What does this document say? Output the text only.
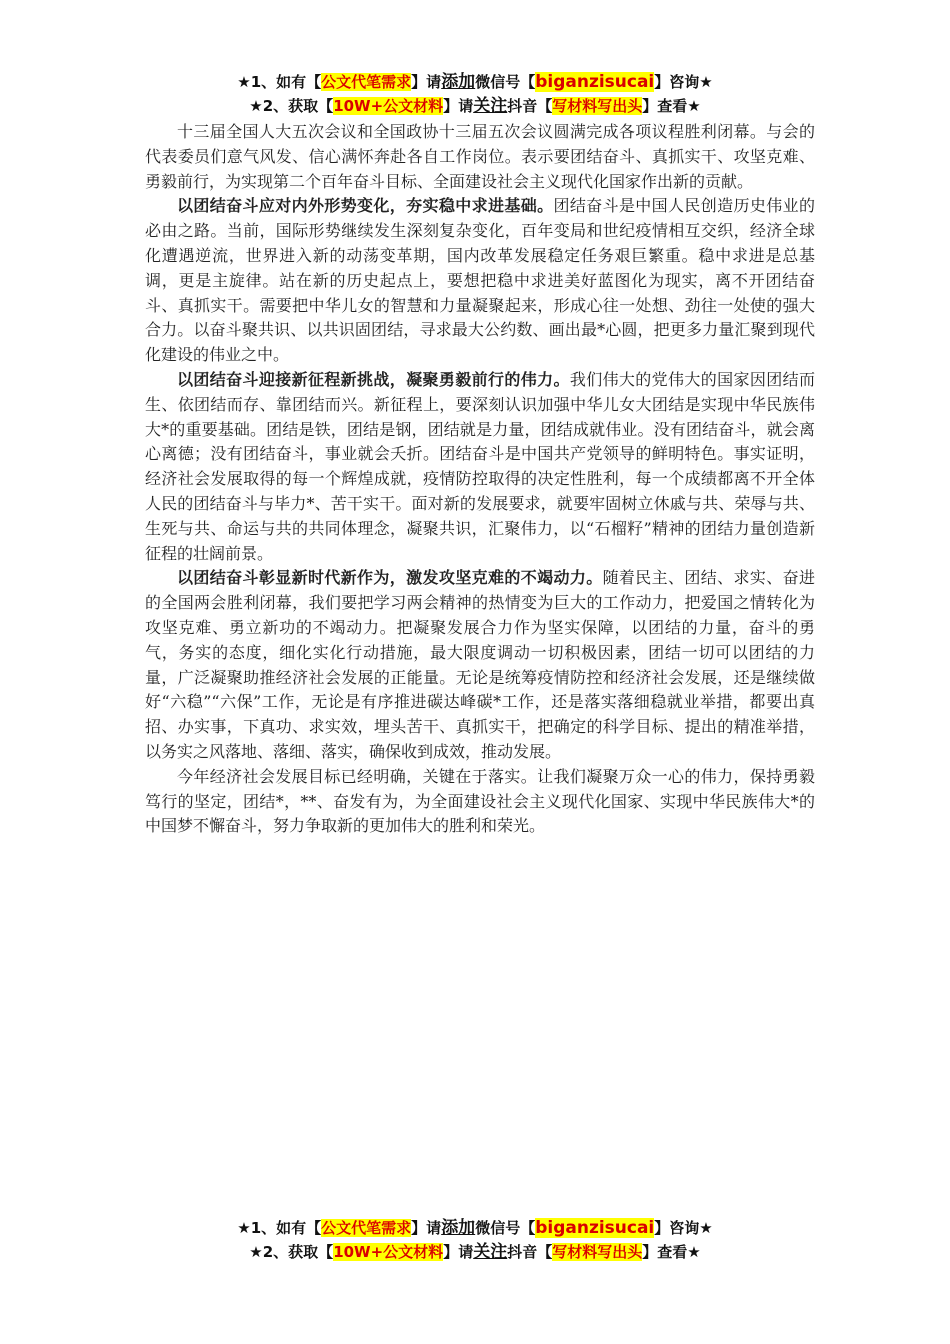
★1、如有【公文代笔需求】请添加微信号【biganzisucai】咨询★
★2、获取【10W+公文材料】请关注抖音【写材料写出头】查看★

十三届全国人大五次会议和全国政协十三届五次会议圆满完成各项议程胜利闭幕。与会的代表委员们意气风发、信心满怀奔赴各自工作岗位。表示要团结奋斗、真抓实干、攻坚克难、勇毅前行，为实现第二个百年奋斗目标、全面建设社会主义现代化国家作出新的贡献。

以团结奋斗应对内外形势变化，夯实稳中求进基础。团结奋斗是中国人民创造历史伟业的必由之路。当前，国际形势继续发生深刻复杂变化，百年变局和世纪疫情相互交织，经济全球化遭遇逆流，世界进入新的动荡变革期，国内改革发展稳定任务艰巨繁重。稳中求进是总基调，更是主旋律。站在新的历史起点上，要想把稳中求进美好蓝图化为现实，离不开团结奋斗、真抓实干。需要把中华儿女的智慧和力量凝聚起来，形成心往一处想、劲往一处使的强大合力。以奋斗聚共识、以共识固团结，寻求最大公约数、画出最*心圆，把更多力量汇聚到现代化建设的伟业之中。

以团结奋斗迎接新征程新挑战，凝聚勇毅前行的伟力。我们伟大的党伟大的国家因团结而生、依团结而存、靠团结而兴。新征程上，要深刻认识加强中华儿女大团结是实现中华民族伟大*的重要基础。团结是铁，团结是钢，团结就是力量，团结成就伟业。没有团结奋斗，就会离心离德；没有团结奋斗，事业就会夭折。团结奋斗是中国共产党领导的鲜明特色。事实证明，经济社会发展取得的每一个辉煌成就，疫情防控取得的决定性胜利，每一个成绩都离不开全体人民的团结奋斗与毕力*、苦干实干。面对新的发展要求，就要牢固树立休戚与共、荣辱与共、生死与共、命运与共的共同体理念，凝聚共识，汇聚伟力，以“石榴籽”精神的团结力量创造新征程的壮阔前景。

以团结奋斗彰显新时代新作为，激发攻坚克难的不竭动力。随着民主、团结、求实、奋进的全国两会胜利闭幕，我们要把学习两会精神的热情变为巨大的工作动力，把爱国之情转化为攻坚克难、勇立新功的不竭动力。把凝聚发展合力作为坚实保障，以团结的力量，奋斗的勇气，务实的态度，细化实化行动措施，最大限度调动一切积极因素，团结一切可以团结的力量，广泛凝聚助推经济社会发展的正能量。无论是统筹疫情防控和经济社会发展，还是继续做好“六稳”“六保”工作，无论是有序推进碳达峰碳*工作，还是落实落细稳就业举措，都要出真招、办实事，下真功、求实效，埋头苦干、真抓实干，把确定的科学目标、提出的精准举措，以务实之风落地、落细、落实，确保收到成效，推动发展。

今年经济社会发展目标已经明确，关键在于落实。让我们凝聚万众一心的伟力，保持勇毅笃行的坚定，团结*，**、奋发有为，为全面建设社会主义现代化国家、实现中华民族伟大*的中国梦不懈奋斗，努力争取新的更加伟大的胜利和荣光。

★1、如有【公文代笔需求】请添加微信号【biganzisucai】咨询★
★2、获取【10W+公文材料】请关注抖音【写材料写出头】查看★
